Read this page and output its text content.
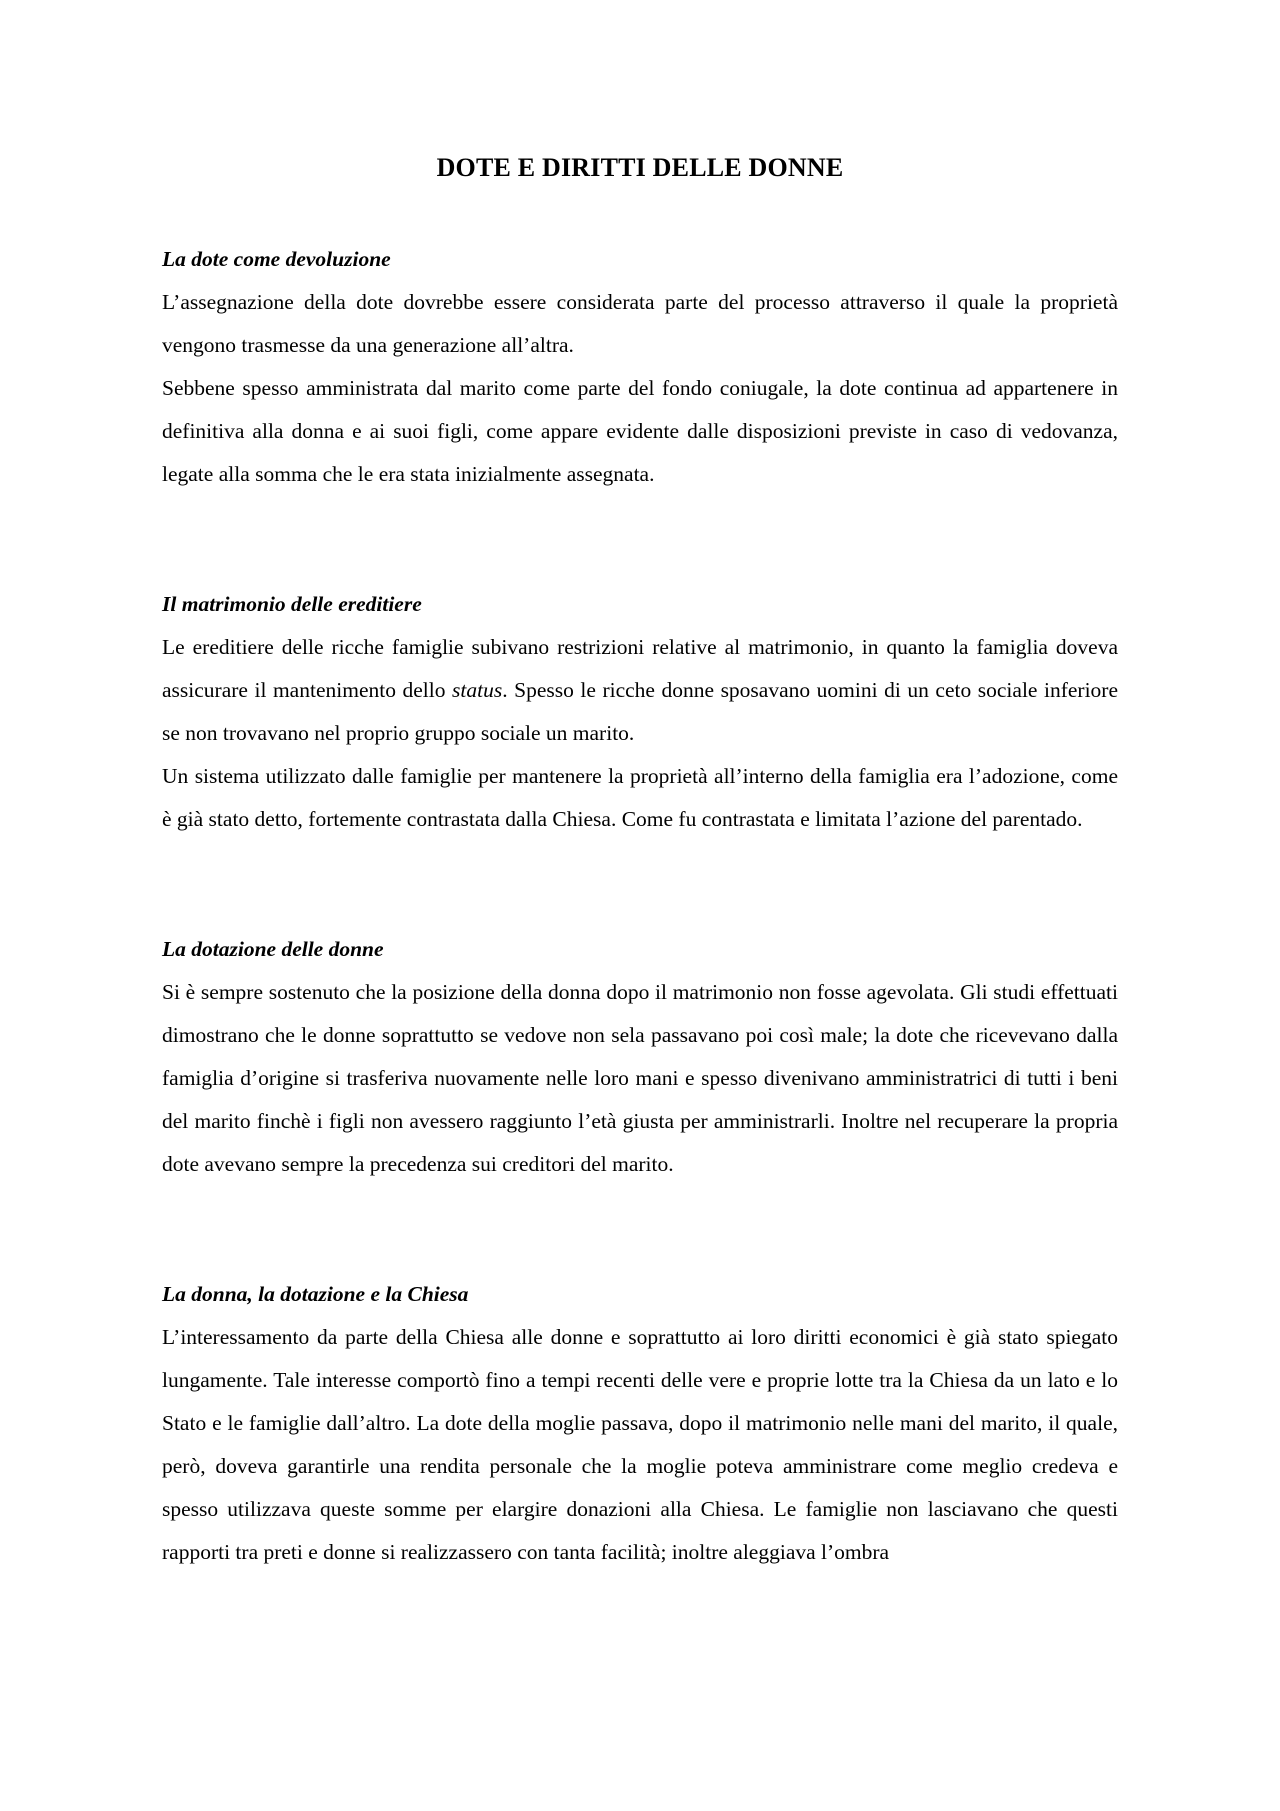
DOTE E DIRITTI DELLE DONNE
La dote come devoluzione

L’assegnazione della dote dovrebbe essere considerata parte del processo attraverso il quale la proprietà vengono trasmesse da una generazione all’altra.

Sebbene spesso amministrata dal marito come parte del fondo coniugale, la dote continua ad appartenere in definitiva alla donna e ai suoi figli, come appare evidente dalle disposizioni previste in caso di vedovanza, legate alla somma che le era stata inizialmente assegnata.

Il matrimonio delle ereditiere

Le ereditiere delle ricche famiglie subivano restrizioni relative al matrimonio, in quanto la famiglia doveva assicurare il mantenimento dello status. Spesso le ricche donne sposavano uomini di un ceto sociale inferiore se non trovavano nel proprio gruppo sociale un marito.

Un sistema utilizzato dalle famiglie per mantenere la proprietà all’interno della famiglia era l’adozione, come è già stato detto, fortemente contrastata dalla Chiesa. Come fu contrastata e limitata l’azione del parentado.

La dotazione delle donne

Si è sempre sostenuto che la posizione della donna dopo il matrimonio non fosse agevolata. Gli studi effettuati dimostrano che le donne soprattutto se vedove non sela passavano poi così male; la dote che ricevevano dalla famiglia d’origine si trasferiva nuovamente nelle loro mani e spesso divenivano amministratrici di tutti i beni del marito finchè i figli non avessero raggiunto l’età giusta per amministrarli. Inoltre nel recuperare la propria dote avevano sempre la precedenza sui creditori del marito.

La donna, la dotazione e la Chiesa

L’interessamento da parte della Chiesa alle donne e soprattutto ai loro diritti economici è già stato spiegato lungamente. Tale interesse comportò fino a tempi recenti delle vere e proprie lotte tra la Chiesa da un lato e lo Stato e le famiglie dall’altro. La dote della moglie passava, dopo il matrimonio nelle mani del marito, il quale, però, doveva garantirle una rendita personale che la moglie poteva amministrare come meglio credeva e spesso utilizzava queste somme per elargire donazioni alla Chiesa. Le famiglie non lasciavano che questi rapporti tra preti e donne si realizzassero con tanta facilità; inoltre aleggiava l’ombra
